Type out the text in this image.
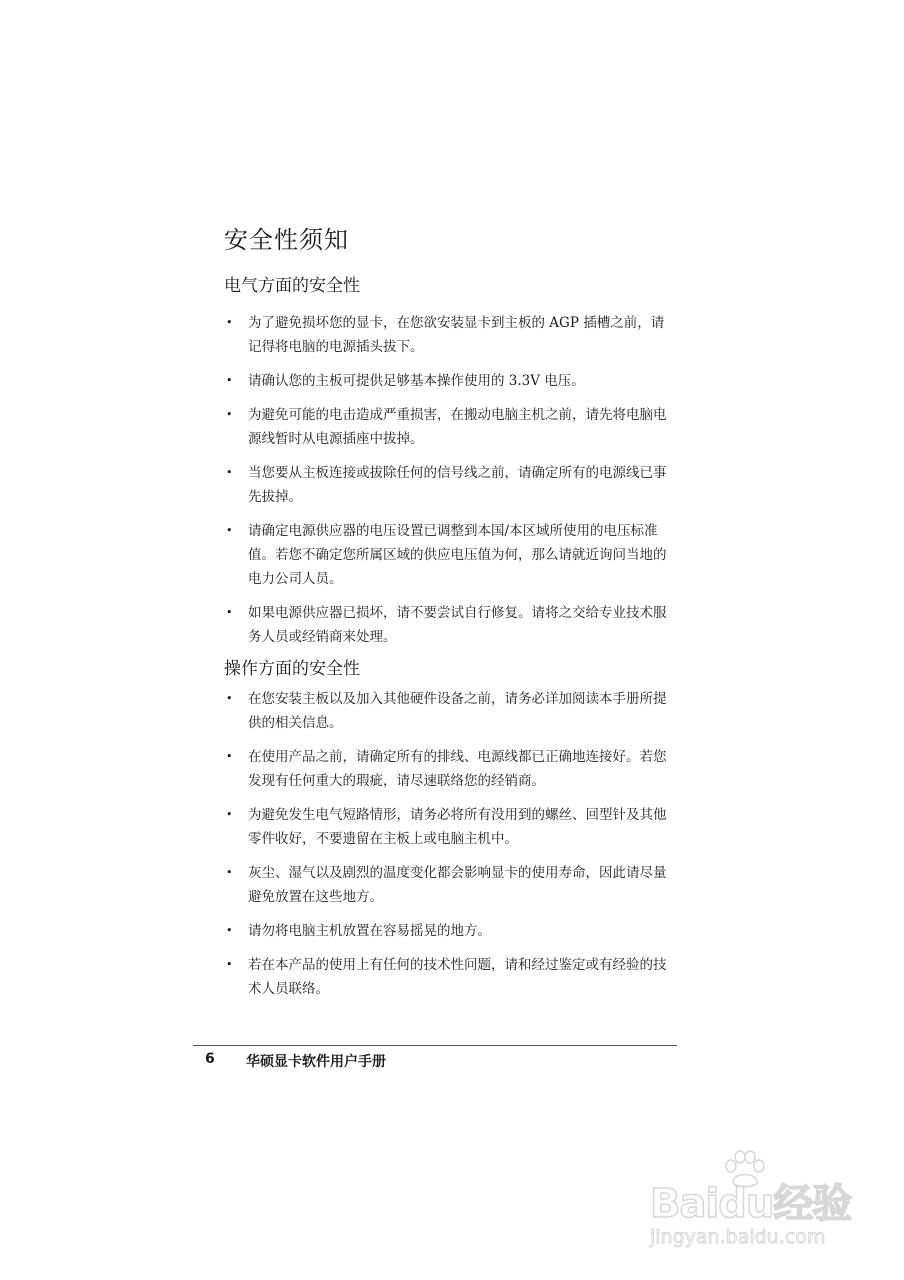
安全性须知
电气方面的安全性
• 为了避免损坏您的显卡，在您欲安装显卡到主板的 AGP 插槽之前，请记得将电脑的电源插头拔下。
• 请确认您的主板可提供足够基本操作使用的 3.3V 电压。
• 为避免可能的电击造成严重损害，在搬动电脑主机之前，请先将电脑电源线暂时从电源插座中拔掉。
• 当您要从主板连接或拔除任何的信号线之前，请确定所有的电源线已事先拔掉。
• 请确定电源供应器的电压设置已调整到本国/本区域所使用的电压标准值。若您不确定您所属区域的供应电压值为何，那么请就近询问当地的电力公司人员。
• 如果电源供应器已损坏，请不要尝试自行修复。请将之交给专业技术服务人员或经销商来处理。
操作方面的安全性
• 在您安装主板以及加入其他硬件设备之前，请务必详加阅读本手册所提供的相关信息。
• 在使用产品之前，请确定所有的排线、电源线都已正确地连接好。若您发现有任何重大的瑕疵，请尽速联络您的经销商。
• 为避免发生电气短路情形，请务必将所有没用到的螺丝、回型针及其他零件收好，不要遗留在主板上或电脑主机中。
• 灰尘、湿气以及剧烈的温度变化都会影响显卡的使用寿命，因此请尽量避免放置在这些地方。
• 请勿将电脑主机放置在容易摇晃的地方。
• 若在本产品的使用上有任何的技术性问题，请和经过鉴定或有经验的技术人员联络。
6 华硕显卡软件用户手册
Baidu经验
jingyan.baidu.com
